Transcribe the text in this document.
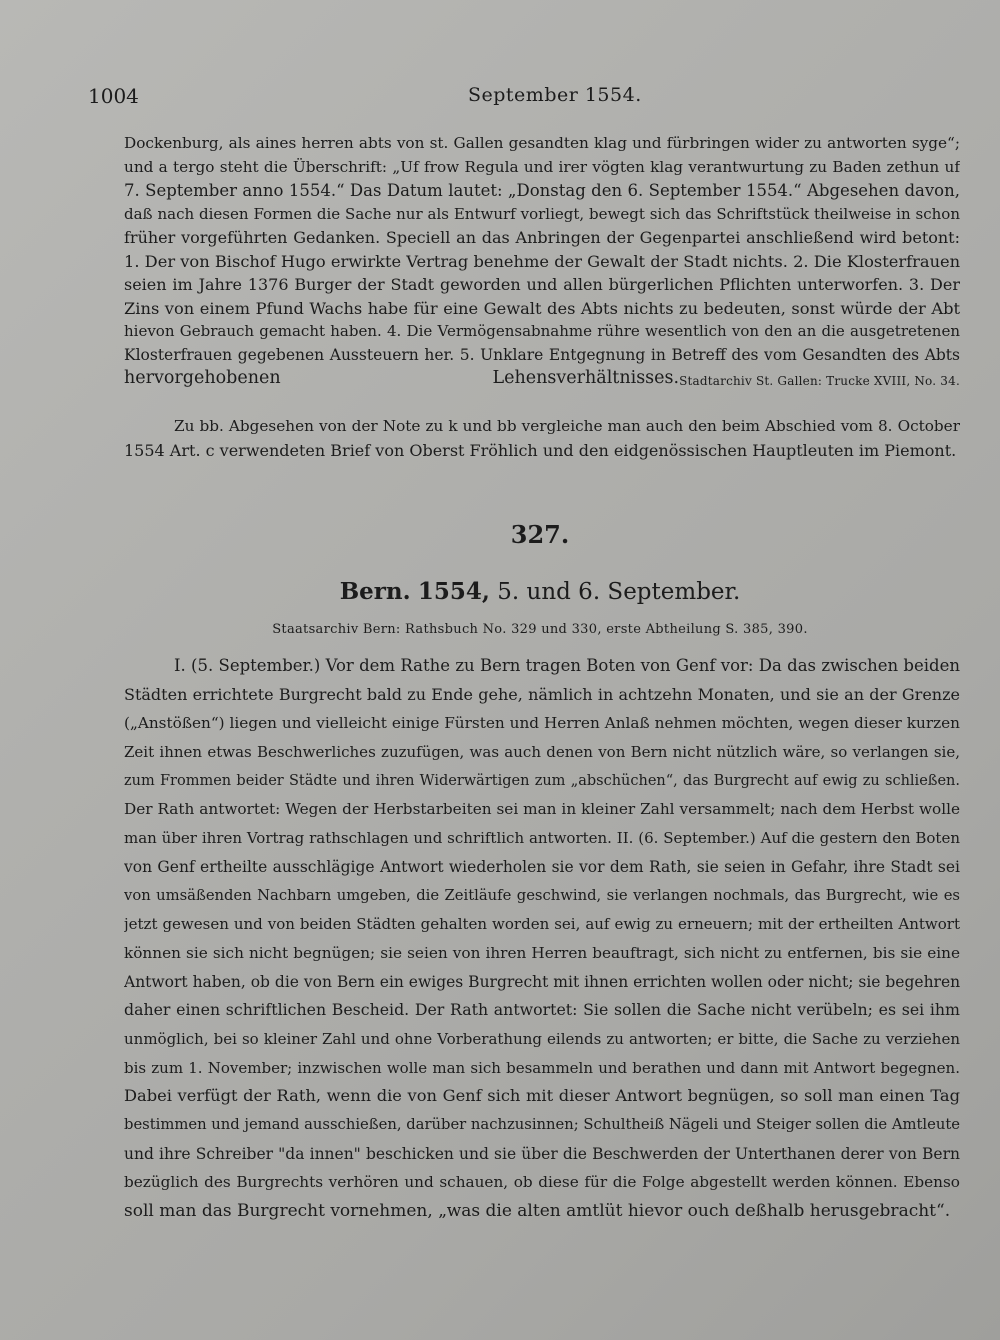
1004	September 1554.
Dockenburg, als aines herren abts von st. Gallen gesandten klag und fürbringen wider zu antworten syge“;
und a tergo steht die Überschrift: „Uf frow Regula und irer vögten klag verantwurtung zu Baden zethun uf
7. September anno 1554.“ Das Datum lautet: „Donstag den 6. September 1554.“ Abgesehen davon,
daß nach diesen Formen die Sache nur als Entwurf vorliegt, bewegt sich das Schriftstück theilweise in schon
früher vorgeführten Gedanken. Speciell an das Anbringen der Gegenpartei anschließend wird betont:
1. Der von Bischof Hugo erwirkte Vertrag benehme der Gewalt der Stadt nichts. 2. Die Klosterfrauen
seien im Jahre 1376 Burger der Stadt geworden und allen bürgerlichen Pflichten unterworfen. 3. Der
Zins von einem Pfund Wachs habe für eine Gewalt des Abts nichts zu bedeuten, sonst würde der Abt
hievon Gebrauch gemacht haben. 4. Die Vermögensabnahme rühre wesentlich von den an die ausgetretenen
Klosterfrauen gegebenen Aussteuern her. 5. Unklare Entgegnung in Betreff des vom Gesandten des Abts
hervorgehobenen Lehensverhältnisses. Stadtarchiv St. Gallen: Trucke XVIII, No. 34.
Zu bb. Abgesehen von der Note zu k und bb vergleiche man auch den beim Abschied vom 8. October
1554 Art. c verwendeten Brief von Oberst Fröhlich und den eidgenössischen Hauptleuten im Piemont.
327.
Bern. 1554, 5. und 6. September.
Staatsarchiv Bern: Rathsbuch No. 329 und 330, erste Abtheilung S. 385, 390.
I. (5. September.) Vor dem Rathe zu Bern tragen Boten von Genf vor: Da das zwischen beiden
Städten errichtete Burgrecht bald zu Ende gehe, nämlich in achtzehn Monaten, und sie an der Grenze
(„Anstößen“) liegen und vielleicht einige Fürsten und Herren Anlaß nehmen möchten, wegen dieser kurzen
Zeit ihnen etwas Beschwerliches zuzufügen, was auch denen von Bern nicht nützlich wäre, so verlangen sie,
zum Frommen beider Städte und ihren Widerwärtigen zum „abschüchen“, das Burgrecht auf ewig zu schließen.
Der Rath antwortet: Wegen der Herbstarbeiten sei man in kleiner Zahl versammelt; nach dem Herbst wolle
man über ihren Vortrag rathschlagen und schriftlich antworten. II. (6. September.) Auf die gestern den Boten
von Genf ertheilte ausschlägige Antwort wiederholen sie vor dem Rath, sie seien in Gefahr, ihre Stadt sei
von umsäßenden Nachbarn umgeben, die Zeitläufe geschwind, sie verlangen nochmals, das Burgrecht, wie es
jetzt gewesen und von beiden Städten gehalten worden sei, auf ewig zu erneuern; mit der ertheilten Antwort
können sie sich nicht begnügen; sie seien von ihren Herren beauftragt, sich nicht zu entfernen, bis sie eine
Antwort haben, ob die von Bern ein ewiges Burgrecht mit ihnen errichten wollen oder nicht; sie begehren
daher einen schriftlichen Bescheid. Der Rath antwortet: Sie sollen die Sache nicht verübeln; es sei ihm
unmöglich, bei so kleiner Zahl und ohne Vorberathung eilends zu antworten; er bitte, die Sache zu verziehen
bis zum 1. November; inzwischen wolle man sich besammeln und berathen und dann mit Antwort begegnen.
Dabei verfügt der Rath, wenn die von Genf sich mit dieser Antwort begnügen, so soll man einen Tag
bestimmen und jemand ausschießen, darüber nachzusinnen; Schultheiß Nägeli und Steiger sollen die Amtleute
und ihre Schreiber "da innen" beschicken und sie über die Beschwerden der Unterthanen derer von Bern
bezüglich des Burgrechts verhören und schauen, ob diese für die Folge abgestellt werden können. Ebenso
soll man das Burgrecht vornehmen, „was die alten amtlüt hievor ouch deßhalb herusgebracht“.
